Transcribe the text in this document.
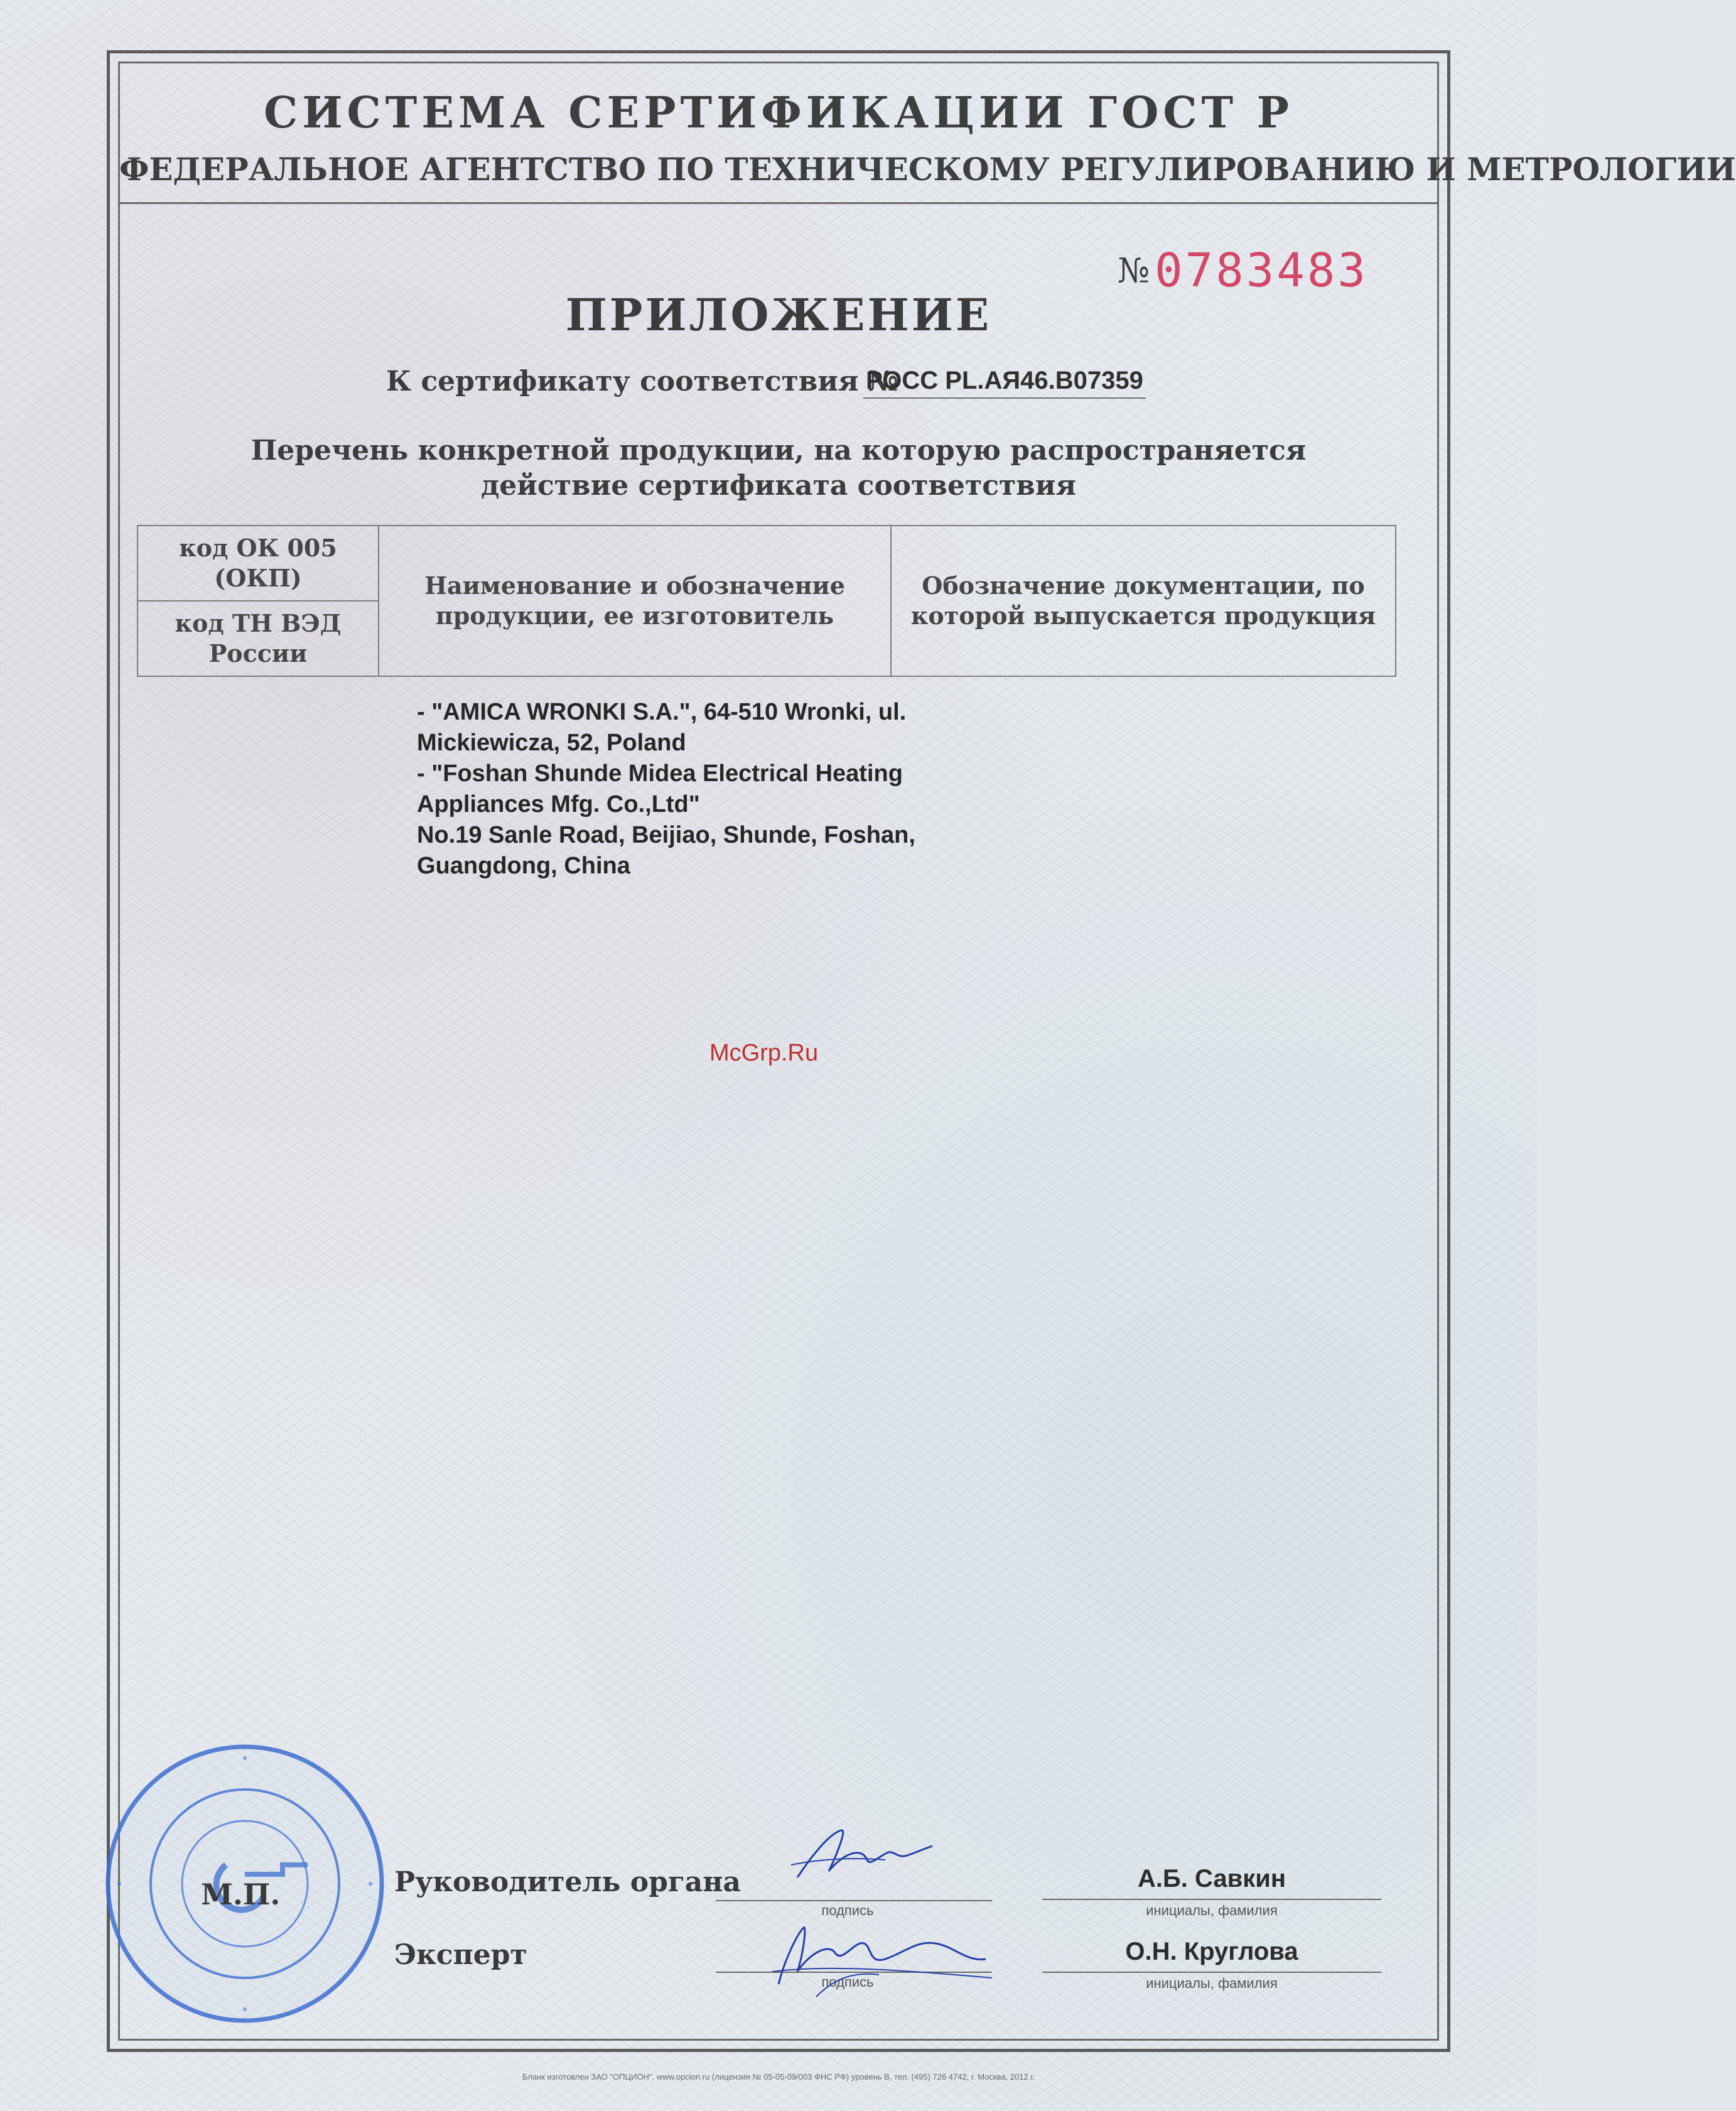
СИСТЕМА СЕРТИФИКАЦИИ ГОСТ Р
ФЕДЕРАЛЬНОЕ АГЕНТСТВО ПО ТЕХНИЧЕСКОМУ РЕГУЛИРОВАНИЮ И МЕТРОЛОГИИ
№ 0783483
ПРИЛОЖЕНИЕ
К сертификату соответствия №
РОСС PL.АЯ46.В07359
Перечень конкретной продукции, на которую распространяется
действие сертификата соответствия
код ОК 005 (ОКП)	Наименование и обозначение продукции, ее изготовитель	Обозначение документации, по которой выпускается продукция
код ТН ВЭД России
- "AMICA WRONKI S.A.", 64-510 Wronki, ul.
Mickiewicza, 52, Poland
- "Foshan Shunde Midea Electrical Heating
Appliances Mfg. Co.,Ltd"
No.19 Sanle Road, Beijiao, Shunde, Foshan,
Guangdong, China
McGrp.Ru
М.П.	Руководитель органа
подпись
А.Б. Савкин
инициалы, фамилия
Эксперт
подпись
О.Н. Круглова
инициалы, фамилия
Бланк изготовлен ЗАО "ОПЦИОН", www.opcion.ru (лицензия № 05-05-09/003 ФНС РФ) уровень В, тел. (495) 726 4742, г. Москва, 2012 г.
